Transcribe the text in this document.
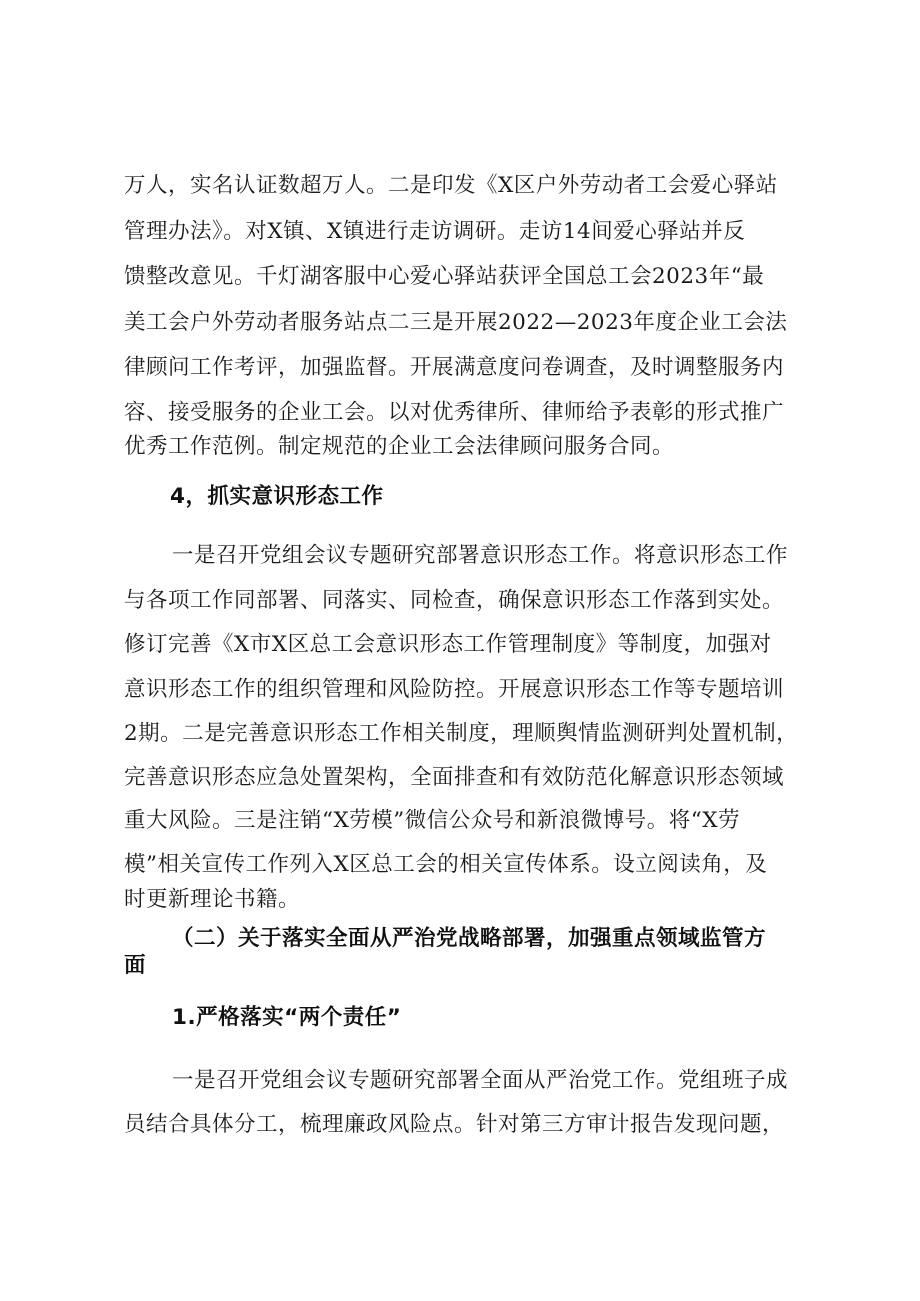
万人，实名认证数超万人。二是印发《X区户外劳动者工会爱心驿站
管理办法》。对X镇、X镇进行走访调研。走访14间爱心驿站并反
馈整改意见。千灯湖客服中心爱心驿站获评全国总工会2023年“最
美工会户外劳动者服务站点二三是开展2022—2023年度企业工会法
律顾问工作考评，加强监督。开展满意度问卷调查，及时调整服务内
容、接受服务的企业工会。以对优秀律所、律师给予表彰的形式推广
优秀工作范例。制定规范的企业工会法律顾问服务合同。
4，抓实意识形态工作
一是召开党组会议专题研究部署意识形态工作。将意识形态工作
与各项工作同部署、同落实、同检查，确保意识形态工作落到实处。
修订完善《X市X区总工会意识形态工作管理制度》等制度，加强对
意识形态工作的组织管理和风险防控。开展意识形态工作等专题培训
2期。二是完善意识形态工作相关制度，理顺舆情监测研判处置机制，
完善意识形态应急处置架构，全面排查和有效防范化解意识形态领域
重大风险。三是注销“X劳模”微信公众号和新浪微博号。将“X劳
模”相关宣传工作列入X区总工会的相关宣传体系。设立阅读角，及
时更新理论书籍。
（二）关于落实全面从严治党战略部署，加强重点领域监管方
面
1.严格落实“两个责任”
一是召开党组会议专题研究部署全面从严治党工作。党组班子成
员结合具体分工，梳理廉政风险点。针对第三方审计报告发现问题，
